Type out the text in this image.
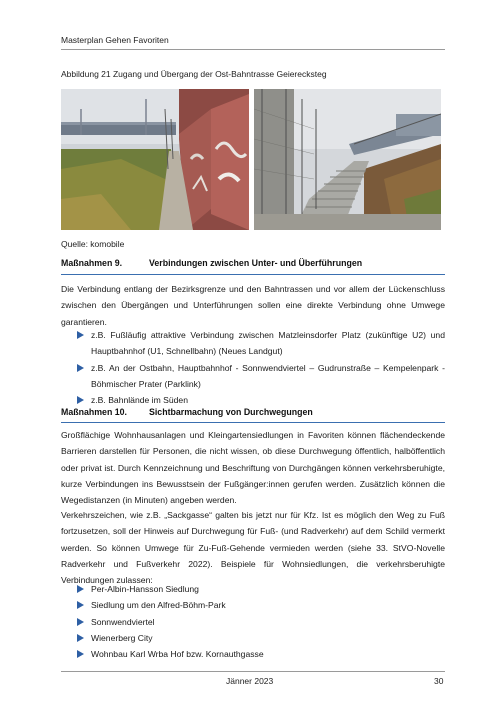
Masterplan Gehen Favoriten
Abbildung 21 Zugang und Übergang der Ost-Bahntrasse Geierecksteg
Quelle: komobile
Maßnahmen 9.	Verbindungen zwischen Unter- und Überführungen
Die Verbindung entlang der Bezirksgrenze und den Bahntrassen und vor allem der Lückenschluss zwischen den Übergängen und Unterführungen sollen eine direkte Verbindung ohne Umwege garantieren.
z.B. Fußläufig attraktive Verbindung zwischen Matzleinsdorfer Platz (zukünftige U2) und Hauptbahnhof (U1, Schnellbahn) (Neues Landgut)
z.B. An der Ostbahn, Hauptbahnhof - Sonnwendviertel – Gudrunstraße – Kempelenpark - Böhmischer Prater (Parklink)
z.B. Bahnlände im Süden
Maßnahmen 10.	Sichtbarmachung von Durchwegungen
Großflächige Wohnhausanlagen und Kleingartensiedlungen in Favoriten können flächendeckende Barrieren darstellen für Personen, die nicht wissen, ob diese Durchwegung öffentlich, halböffentlich oder privat ist. Durch Kennzeichnung und Beschriftung von Durchgängen können verkehrsberuhigte, kurze Verbindungen ins Bewusstsein der Fußgänger:innen gerufen werden. Zusätzlich können die Wegedistanzen (in Minuten) angeben werden.
Verkehrszeichen, wie z.B. „Sackgasse“ galten bis jetzt nur für Kfz. Ist es möglich den Weg zu Fuß fortzusetzen, soll der Hinweis auf Durchwegung für Fuß- (und Radverkehr) auf dem Schild vermerkt werden. So können Umwege für Zu-Fuß-Gehende vermieden werden (siehe 33. StVO-Novelle Radverkehr und Fußverkehr 2022). Beispiele für Wohnsiedlungen, die verkehrsberuhigte Verbindungen zulassen:
Per-Albin-Hansson Siedlung
Siedlung um den Alfred-Böhm-Park
Sonnwendviertel
Wienerberg City
Wohnbau Karl Wrba Hof bzw. Kornauthgasse
Jänner 2023	30
